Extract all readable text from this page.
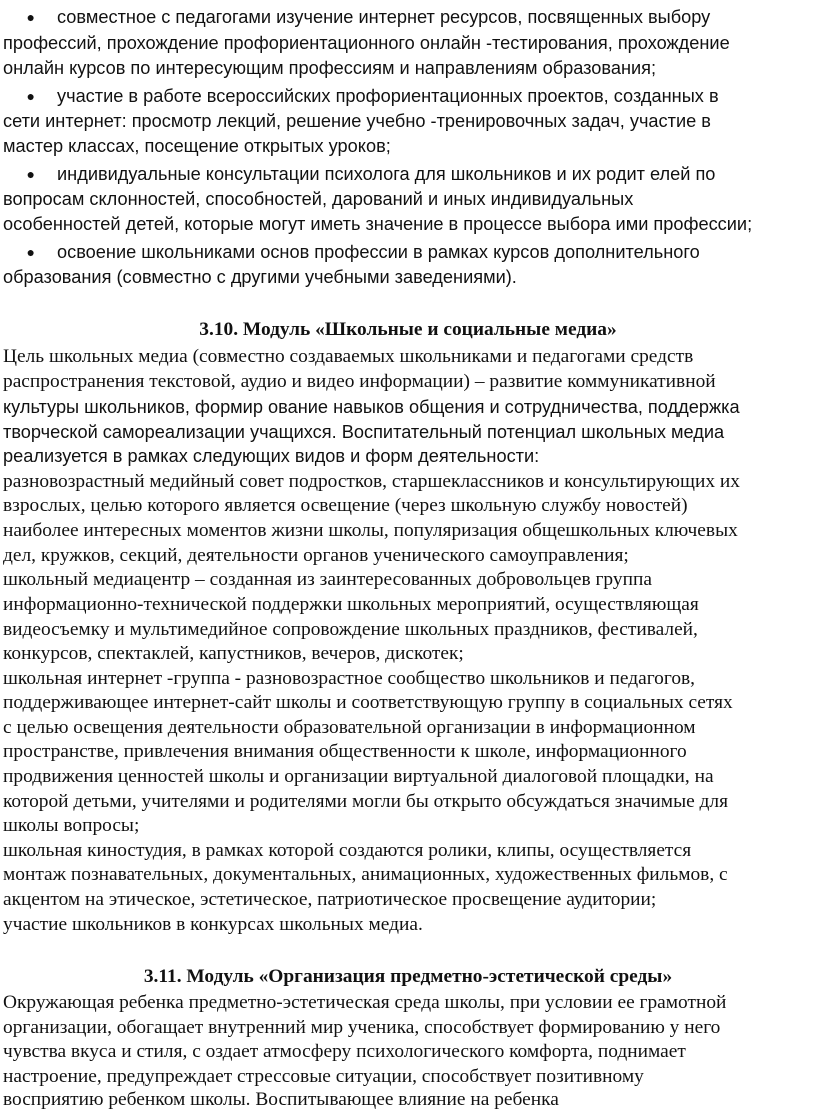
● совместное с педагогами изучение интернет ресурсов, посвященных выбору
профессий, прохождение профориентационного онлайн -тестирования, прохождение
онлайн курсов по интересующим профессиям и направлениям образования;
● участие в работе всероссийских профориентационных проектов, созданных в
сети интернет: просмотр лекций, решение учебно -тренировочных задач, участие в
мастер классах, посещение открытых уроков;
● индивидуальные консультации психолога для школьников и их родит елей по
вопросам склонностей, способностей, дарований и иных индивидуальных
особенностей детей, которые могут иметь значение в процессе выбора ими профессии;
● освоение школьниками основ профессии в рамках курсов дополнительного
образования (совместно с другими учебными заведениями).
3.10. Модуль «Школьные и социальные медиа»
Цель школьных медиа (совместно создаваемых школьниками и педагогами средств
распространения текстовой, аудио и видео информации) – развитие коммуникативной
культуры школьников, формир ование навыков общения и сотрудничества, поддержка
творческой самореализации учащихся. Воспитательный потенциал школьных медиа
реализуется в рамках следующих видов и форм деятельности:
разновозрастный медийный совет подростков, старшеклассников и консультирующих их
взрослых, целью которого является освещение (через школьную службу новостей)
наиболее интересных моментов жизни школы, популяризация общешкольных ключевых
дел, кружков, секций, деятельности органов ученического самоуправления;
школьный медиацентр – созданная из заинтересованных добровольцев группа
информационно-технической поддержки школьных мероприятий, осуществляющая
видеосъемку и мультимедийное сопровождение школьных праздников, фестивалей,
конкурсов, спектаклей, капустников, вечеров, дискотек;
школьная интернет -группа - разновозрастное сообщество школьников и педагогов,
поддерживающее интернет-сайт школы и соответствующую группу в социальных сетях
с целью освещения деятельности образовательной организации в информационном
пространстве, привлечения внимания общественности к школе, информационного
продвижения ценностей школы и организации виртуальной диалоговой площадки, на
которой детьми, учителями и родителями могли бы открыто обсуждаться значимые для
школы вопросы;
школьная киностудия, в рамках которой создаются ролики, клипы, осуществляется
монтаж познавательных, документальных, анимационных, художественных фильмов, с
акцентом на этическое, эстетическое, патриотическое просвещение аудитории;
участие школьников в конкурсах школьных медиа.
3.11. Модуль «Организация предметно-эстетической среды»
Окружающая ребенка предметно-эстетическая среда школы, при условии ее грамотной
организации, обогащает внутренний мир ученика, способствует формированию у него
чувства вкуса и стиля, с оздает атмосферу психологического комфорта, поднимает
настроение, предупреждает стрессовые ситуации, способствует позитивному
восприятию ребенком школы. Воспитывающее влияние на ребенка
